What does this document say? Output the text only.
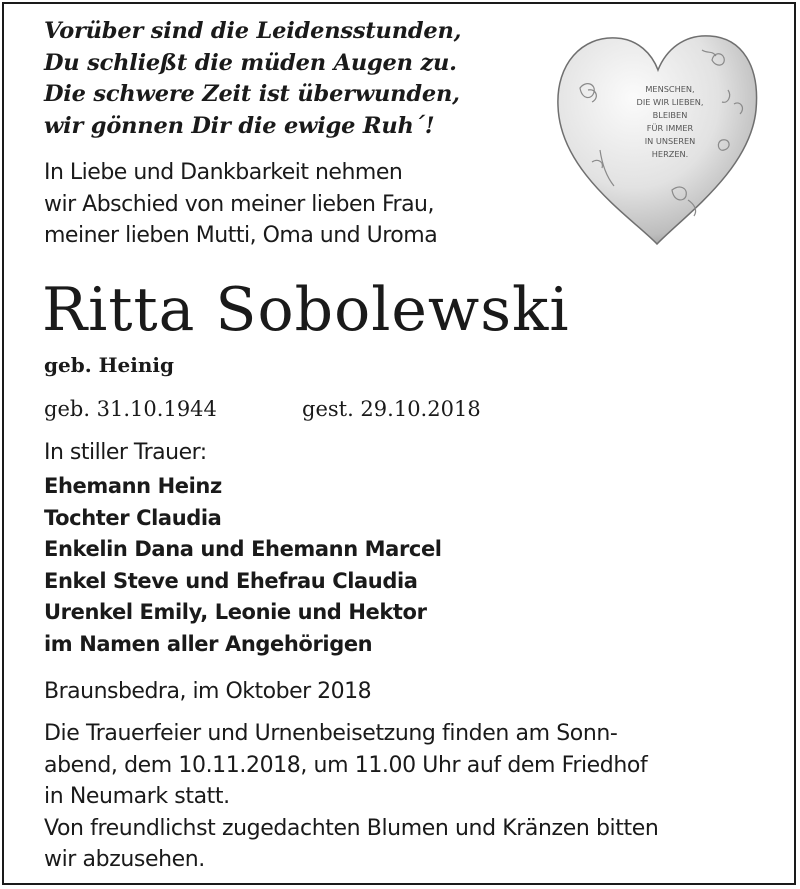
Vorüber sind die Leidensstunden,
Du schließt die müden Augen zu.
Die schwere Zeit ist überwunden,
wir gönnen Dir die ewige Ruh´!
In Liebe und Dankbarkeit nehmen
wir Abschied von meiner lieben Frau,
meiner lieben Mutti, Oma und Uroma
MENSCHEN,
DIE WIR LIEBEN,
BLEIBEN
FÜR IMMER
IN UNSEREN
HERZEN.
Ritta Sobolewski
geb. Heinig
geb. 31.10.1944	gest. 29.10.2018
In stiller Trauer:
Ehemann Heinz
Tochter Claudia
Enkelin Dana und Ehemann Marcel
Enkel Steve und Ehefrau Claudia
Urenkel Emily, Leonie und Hektor
im Namen aller Angehörigen
Braunsbedra, im Oktober 2018
Die Trauerfeier und Urnenbeisetzung finden am Sonn-
abend, dem 10.11.2018, um 11.00 Uhr auf dem Friedhof
in Neumark statt.
Von freundlichst zugedachten Blumen und Kränzen bitten
wir abzusehen.
